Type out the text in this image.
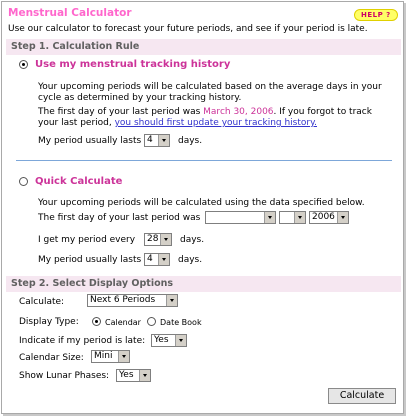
Menstrual Calculator	HELP ?
Use our calculator to forecast your future periods, and see if your period is late.
Step 1. Calculation Rule
Use my menstrual tracking history
Your upcoming periods will be calculated based on the average days in your
cycle as determined by your tracking history.
The first day of your last period was March 30, 2006. If you forgot to track
your last period, you should first update your tracking history.
My period usually lasts 4	days.
Quick Calculate
Your upcoming periods will be calculated using the data specified below.
The first day of your last period was	2006
I get my period every	28	days.
My period usually lasts 4	days.
Step 2. Select Display Options
Calculate:	Next 6 Periods
Display Type:	Calendar Date Book
Indicate if my period is late: Yes
Calendar Size:	Mini
Show Lunar Phases:	Yes
Calculate
